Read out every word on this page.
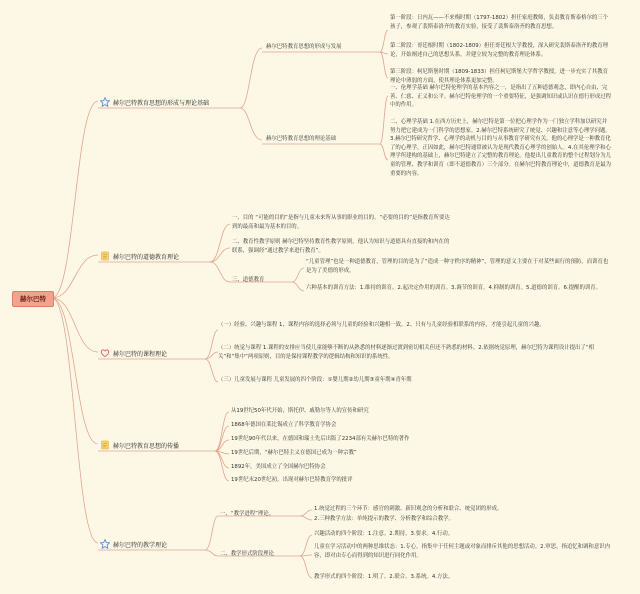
赫尔巴特
赫尔巴特教育思想的形成与理论基础
赫尔巴特教育思想的形成与发展
第一阶段：日内瓦——不来梅时期（1797-1802）担任家庭教师，负责教育斯泰格尔的三个孩子，参观了裴斯泰洛齐的教育实验，接受了裴斯泰洛齐的教育思想。
第二阶段：哥廷根时期（1802-1809）担任哥廷根大学教授，深入研究裴斯泰洛齐的教育理论，开始阐述自己的思想头系，并建立较为完整的教育理论体系。
第三阶段：柯尼斯堡时期（1809-1833）担任柯尼斯堡大学哲学教授，进一步充实了其教育理论中薄弱的方面，使其理论体系更加完整。
赫尔巴特教育思想的理论基础
一、伦理学基础 赫尔巴特伦理学的基本内容之一，是指出了五种道德观念，即内心自由、完善、仁慈、正义和公平。赫尔巴特伦理学的一个重要特征，是强调知识或认识在德行形成过程中的作用。
二、心理学基础 1.在西方历史上，赫尔巴特是第一位把心理学作为一门独立学科加以研究并努力把它建成为一门科学的思想家。2.赫尔巴特系统研究了统觉、兴趣和注意等心理学问题。3.赫尔巴特研究哲学、心理学的动机与目的与从事教育学研究有关。他的心理学是一种教育化了的心理学，正因如此，赫尔巴特通常被认为是现代教育心理学的创始人。4.在其伦理学和心理学所建构的基础上，赫尔巴特建立了完整的教育理论。他提出儿童教育的整个过程划分为儿童的管理、教学和训育（即不道德教育）三个部分。在赫尔巴特教育理论中，道德教育是最为重要的内容。
赫尔巴特的道德教育理论
一、目的 “可能的目的”是指与儿童未来所从事的职业的目的。“必要的目的”是指教育所要达到的最高和最为基本的目的。
二、教育性教学原则 赫尔巴特坚持教育性教学原则，他认为知识与道德具有直接的和内在的联系，强调经“通过教学来进行教育”。
三、道德教育
“儿童管理”也是一种道德教育，管理的目的是为了“造成一种守秩序的精神”，管理的意义主要在于对某些面行的预防，而训育也是为了美德的形成。
六种基本的训育方法：1.维持的训育。2.起决定作用的训育。3.调节的训育。4.抑制的训育。5.道德的训育。6.提醒的训育。
赫尔巴特的课程理论
（一）经验、兴趣与课程 1、课程内容的选择必须与儿童的经验和兴趣相一致。2、只有与儿童经验相联系的内容，才能引起儿童的兴趣。
（二）统觉与课程 1.课程的安排应当使儿童能够不断的从熟悉的材料逐渐过渡到密切相关但还不熟悉的材料。2.依据统觉原理，赫尔巴特为课程设计提出了“相关”和“集中”两项原则，目的是保持课程教学的逻辑结构和知识的系统性。
（三）儿童发展与课程 儿童发展的四个阶段：①婴儿期②幼儿期③童年期④青年期
赫尔巴特教育思想的传播
从19世纪50年代开始，斯托伊、戚勒尔等人的宣传和研究
1868年德国在莱比锡成立了科学教育学协会
19世纪90年代以来，在德国和瑞士先后出版了2234部有关赫尔巴特的著作
19世纪后期，“赫尔巴特主义在德国已成为一种宗教”
1892年，美国成立了全国赫尔巴特协会
19世纪末20世纪初，出现对赫尔巴特教育学的批评
赫尔巴特的教学理论
一、“教学进程”理论。
1.统觉过程的三个环节：感官的刺激、新旧观念的分析和联合、统觉团的形成。
2.三种教学方法：单纯提示的教学、分析教学和综合教学。
二、教学形式阶段理论
兴趣活动的四个阶段：1.注意。2.期待。3.要求。4.行动。
儿童在学习活动中的两种思维状态：1.专心，指集中于任何主题或对象而排斥其他的思想活动。2.审思，指追忆和调和意识内容，即对由专心而得到的知识进行同化作用。
教学形式的四个阶段：1.明了。2.联合。3.系统。4.方法。
